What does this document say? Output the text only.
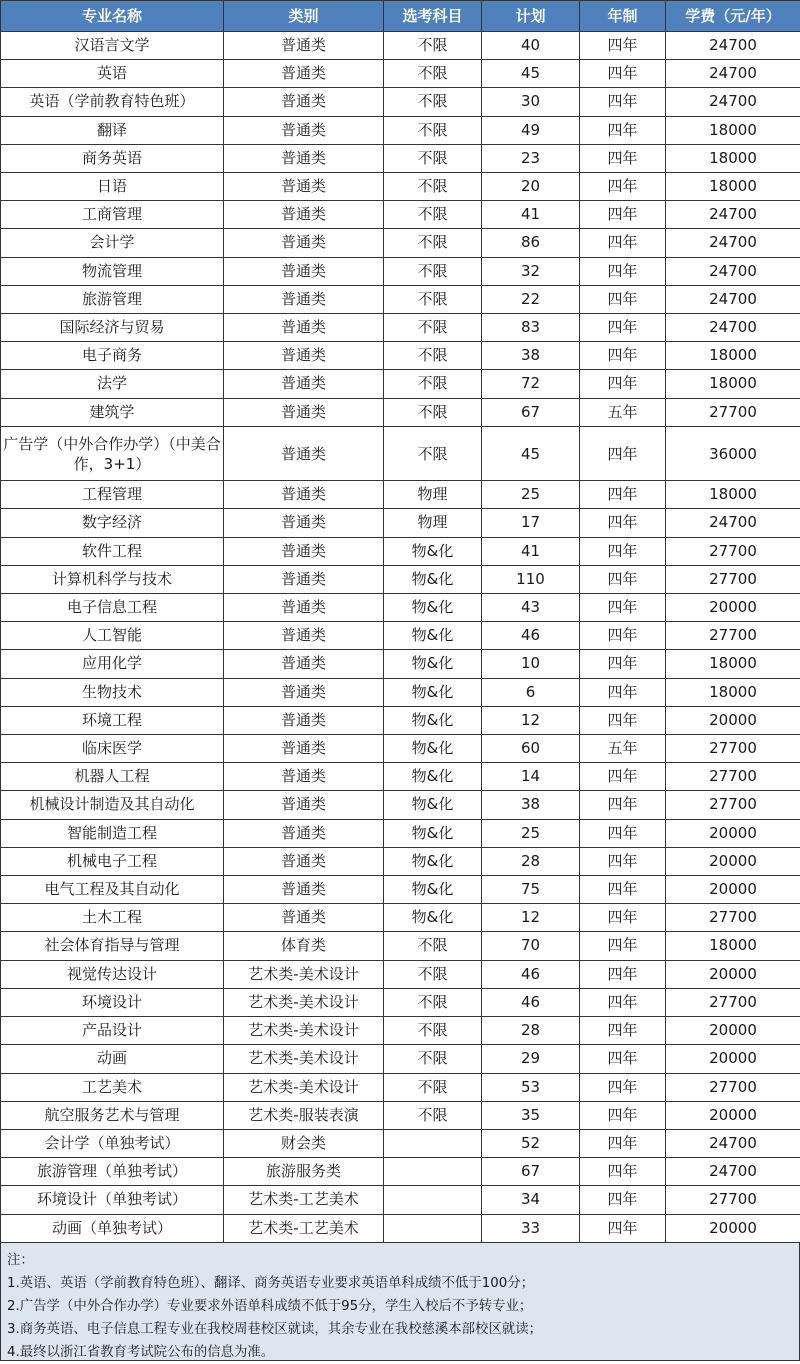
专业名称	类别	选考科目	计划	年制	学费（元/年）
汉语言文学	普通类	不限	40	四年	24700
英语	普通类	不限	45	四年	24700
英语（学前教育特色班）	普通类	不限	30	四年	24700
翻译	普通类	不限	49	四年	18000
商务英语	普通类	不限	23	四年	18000
日语	普通类	不限	20	四年	18000
工商管理	普通类	不限	41	四年	24700
会计学	普通类	不限	86	四年	24700
物流管理	普通类	不限	32	四年	24700
旅游管理	普通类	不限	22	四年	24700
国际经济与贸易	普通类	不限	83	四年	24700
电子商务	普通类	不限	38	四年	18000
法学	普通类	不限	72	四年	18000
建筑学	普通类	不限	67	五年	27700
广告学（中外合作办学）（中美合作，3+1）	普通类	不限	45	四年	36000
工程管理	普通类	物理	25	四年	18000
数字经济	普通类	物理	17	四年	24700
软件工程	普通类	物&化	41	四年	27700
计算机科学与技术	普通类	物&化	110	四年	27700
电子信息工程	普通类	物&化	43	四年	20000
人工智能	普通类	物&化	46	四年	27700
应用化学	普通类	物&化	10	四年	18000
生物技术	普通类	物&化	6	四年	18000
环境工程	普通类	物&化	12	四年	20000
临床医学	普通类	物&化	60	五年	27700
机器人工程	普通类	物&化	14	四年	27700
机械设计制造及其自动化	普通类	物&化	38	四年	27700
智能制造工程	普通类	物&化	25	四年	20000
机械电子工程	普通类	物&化	28	四年	20000
电气工程及其自动化	普通类	物&化	75	四年	20000
土木工程	普通类	物&化	12	四年	27700
社会体育指导与管理	体育类	不限	70	四年	18000
视觉传达设计	艺术类-美术设计	不限	46	四年	20000
环境设计	艺术类-美术设计	不限	46	四年	27700
产品设计	艺术类-美术设计	不限	28	四年	20000
动画	艺术类-美术设计	不限	29	四年	20000
工艺美术	艺术类-美术设计	不限	53	四年	27700
航空服务艺术与管理	艺术类-服装表演	不限	35	四年	20000
会计学（单独考试）	财会类		52	四年	24700
旅游管理（单独考试）	旅游服务类		67	四年	24700
环境设计（单独考试）	艺术类-工艺美术		34	四年	27700
动画（单独考试）	艺术类-工艺美术		33	四年	20000
注：
1.英语、英语（学前教育特色班）、翻译、商务英语专业要求英语单科成绩不低于100分；
2.广告学（中外合作办学）专业要求外语单科成绩不低于95分，学生入校后不予转专业；
3.商务英语、电子信息工程专业在我校周巷校区就读，其余专业在我校慈溪本部校区就读；
4.最终以浙江省教育考试院公布的信息为准。
